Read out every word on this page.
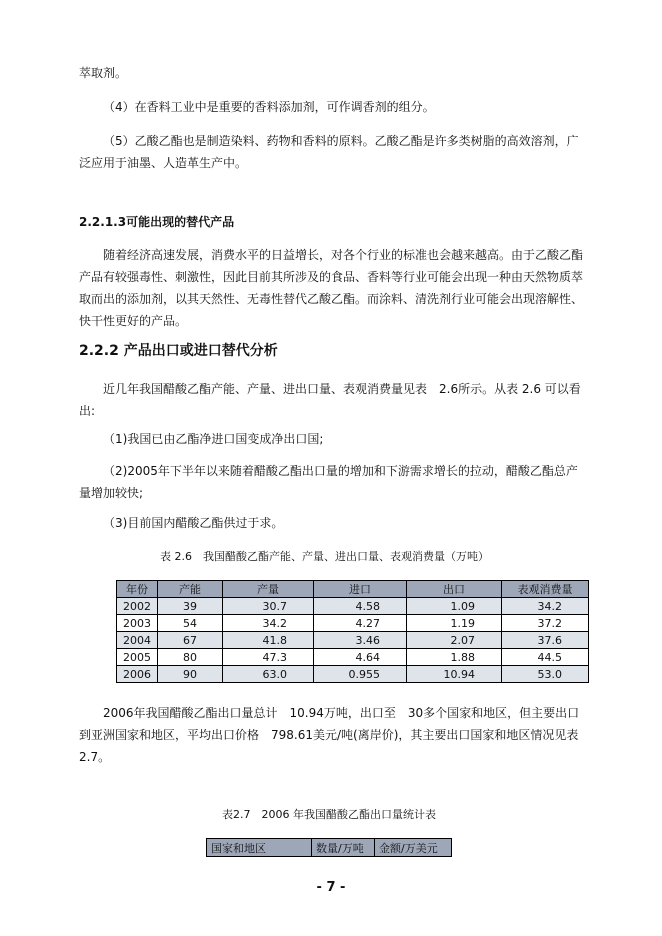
萃取剂。

（4）在香料工业中是重要的香料添加剂，可作调香剂的组分。

（5）乙酸乙酯也是制造染料、药物和香料的原料。乙酸乙酯是许多类树脂的高效溶剂，广泛应用于油墨、人造革生产中。

2.2.1.3可能出现的替代产品

随着经济高速发展，消费水平的日益增长，对各个行业的标准也会越来越高。由于乙酸乙酯产品有较强毒性、刺激性，因此目前其所涉及的食品、香料等行业可能会出现一种由天然物质萃取而出的添加剂，以其天然性、无毒性替代乙酸乙酯。而涂料、清洗剂行业可能会出现溶解性、快干性更好的产品。

2.2.2 产品出口或进口替代分析

近几年我国醋酸乙酯产能、产量、进出口量、表观消费量见表　2.6所示。从表 2.6 可以看出:

（1)我国已由乙酯净进口国变成净出口国;

（2)2005年下半年以来随着醋酸乙酯出口量的增加和下游需求增长的拉动，醋酸乙酯总产量增加较快;

（3)目前国内醋酸乙酯供过于求。

表 2.6　我国醋酸乙酯产能、产量、进出口量、表观消费量（万吨）

年份	产能	产量	进口	出口	表观消费量
2002	39	30.7	4.58	1.09	34.2
2003	54	34.2	4.27	1.19	37.2
2004	67	41.8	3.46	2.07	37.6
2005	80	47.3	4.64	1.88	44.5
2006	90	63.0	0.955	10.94	53.0

2006年我国醋酸乙酯出口量总计　10.94万吨，出口至　30多个国家和地区，但主要出口到亚洲国家和地区，平均出口价格　798.61美元/吨(离岸价)，其主要出口国家和地区情况见表　2.7。

表2.7　2006 年我国醋酸乙酯出口量统计表

国家和地区	数量/万吨	金额/万美元
- 7 -
